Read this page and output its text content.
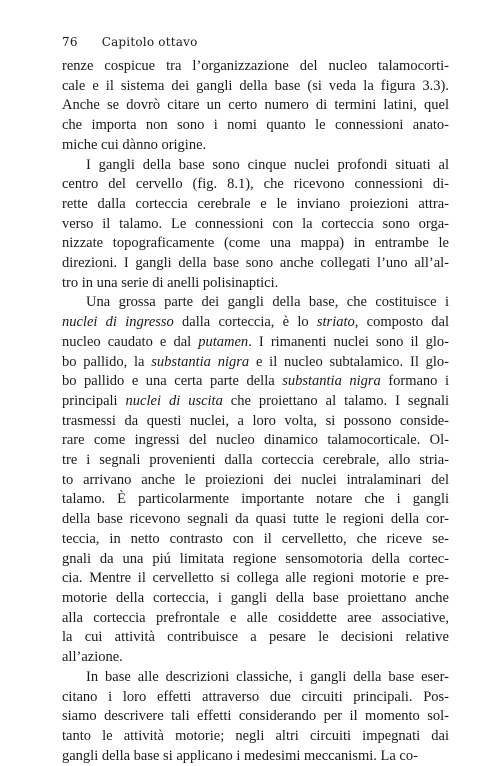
76 Capitolo ottavo

renze cospicue tra l’organizzazione del nucleo talamocorti-
cale e il sistema dei gangli della base (si veda la figura 3.3).
Anche se dovrò citare un certo numero di termini latini, quel
che importa non sono i nomi quanto le connessioni anato-
miche cui dànno origine.

I gangli della base sono cinque nuclei profondi situati al
centro del cervello (fig. 8.1), che ricevono connessioni di-
rette dalla corteccia cerebrale e le inviano proiezioni attra-
verso il talamo. Le connessioni con la corteccia sono orga-
nizzate topograficamente (come una mappa) in entrambe le
direzioni. I gangli della base sono anche collegati l’uno all’al-
tro in una serie di anelli polisinaptici.

Una grossa parte dei gangli della base, che costituisce i
nuclei di ingresso dalla corteccia, è lo striato, composto dal
nucleo caudato e dal putamen. I rimanenti nuclei sono il glo-
bo pallido, la substantia nigra e il nucleo subtalamico. Il glo-
bo pallido e una certa parte della substantia nigra formano i
principali nuclei di uscita che proiettano al talamo. I segnali
trasmessi da questi nuclei, a loro volta, si possono conside-
rare come ingressi del nucleo dinamico talamocorticale. Ol-
tre i segnali provenienti dalla corteccia cerebrale, allo stria-
to arrivano anche le proiezioni dei nuclei intralaminari del
talamo. È particolarmente importante notare che i gangli
della base ricevono segnali da quasi tutte le regioni della cor-
teccia, in netto contrasto con il cervelletto, che riceve se-
gnali da una piú limitata regione sensomotoria della cortec-
cia. Mentre il cervelletto si collega alle regioni motorie e pre-
motorie della corteccia, i gangli della base proiettano anche
alla corteccia prefrontale e alle cosiddette aree associative,
la cui attività contribuisce a pesare le decisioni relative
all’azione.

In base alle descrizioni classiche, i gangli della base eser-
citano i loro effetti attraverso due circuiti principali. Pos-
siamo descrivere tali effetti considerando per il momento sol-
tanto le attività motorie; negli altri circuiti impegnati dai
gangli della base si applicano i medesimi meccanismi. La co-
